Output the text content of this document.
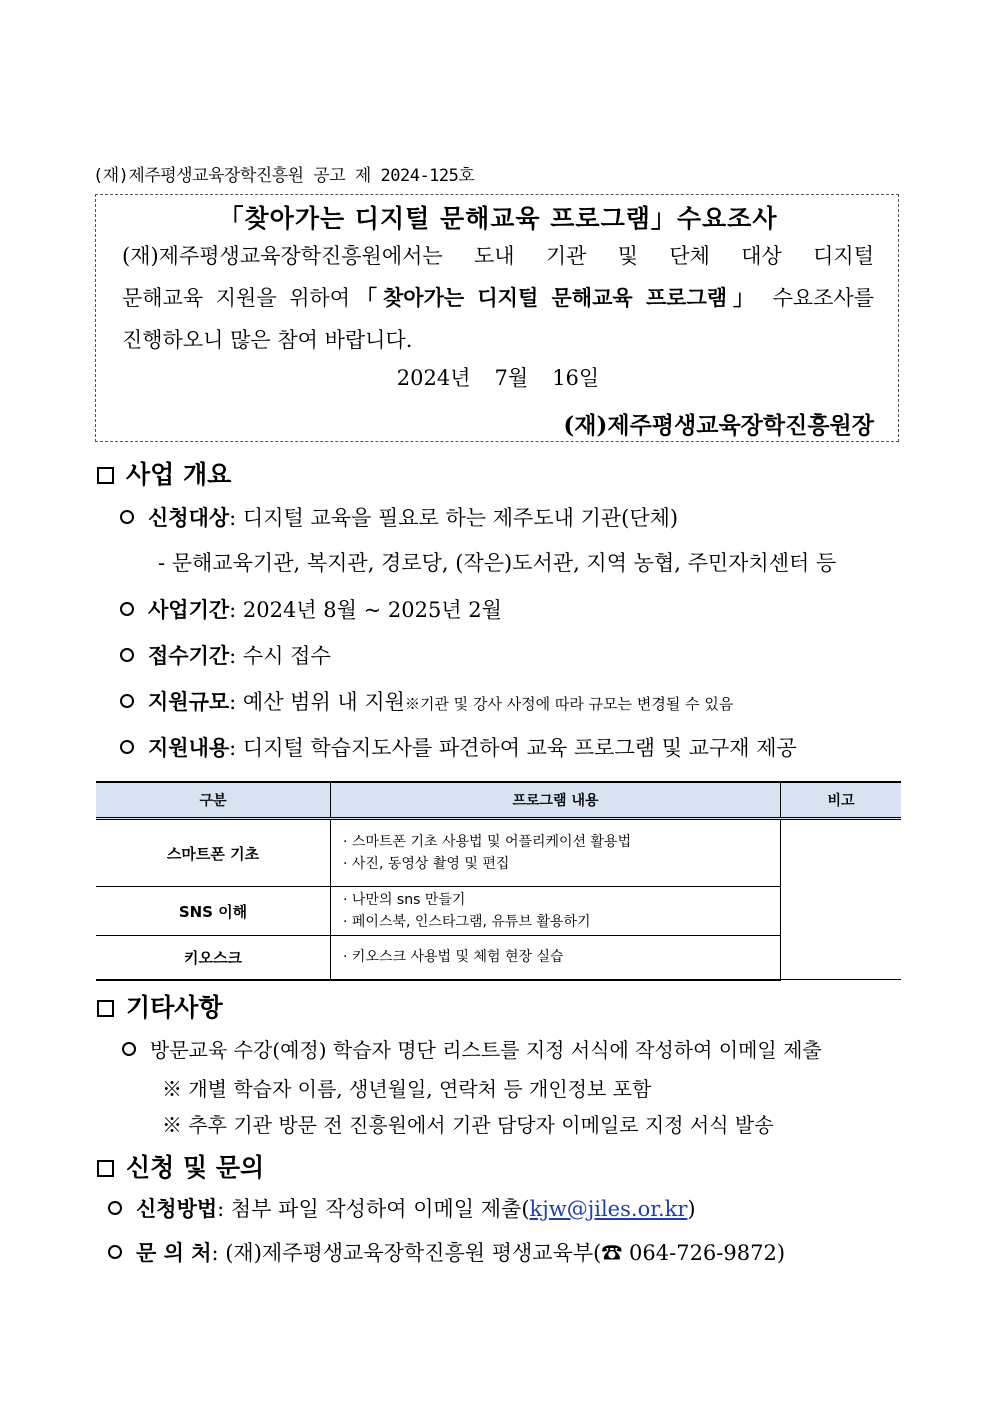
(재)제주평생교육장학진흥원 공고 제 2024-125호
「찾아가는 디지털 문해교육 프로그램」수요조사
(재)제주평생교육장학진흥원에서는 도내 기관 및 단체 대상 디지털
문해교육 지원을 위하여「찾아가는 디지털 문해교육 프로그램」 수요조사를
진행하오니 많은 참여 바랍니다.
2024년 7월 16일
(재)제주평생교육장학진흥원장
사업 개요
신청대상: 디지털 교육을 필요로 하는 제주도내 기관(단체)
- 문해교육기관, 복지관, 경로당, (작은)도서관, 지역 농협, 주민자치센터 등
사업기간: 2024년 8월 ~ 2025년 2월
접수기간: 수시 접수
지원규모: 예산 범위 내 지원※기관 및 강사 사정에 따라 규모는 변경될 수 있음
지원내용: 디지털 학습지도사를 파견하여 교육 프로그램 및 교구재 제공
구분	프로그램 내용	비고
스마트폰 기초	· 스마트폰 기초 사용법 및 어플리케이션 활용법
· 사진, 동영상 촬영 및 편집	

SNS 이해	· 나만의 sns 만들기
· 페이스북, 인스타그램, 유튜브 활용하기	

키오스크	· 키오스크 사용법 및 체험 현장 실습	
기타사항
방문교육 수강(예정) 학습자 명단 리스트를 지정 서식에 작성하여 이메일 제출
※ 개별 학습자 이름, 생년월일, 연락처 등 개인정보 포함
※ 추후 기관 방문 전 진흥원에서 기관 담당자 이메일로 지정 서식 발송
신청 및 문의
신청방법: 첨부 파일 작성하여 이메일 제출(kjw@jiles.or.kr)
문 의 처: (재)제주평생교육장학진흥원 평생교육부(☎ 064-726-9872)
